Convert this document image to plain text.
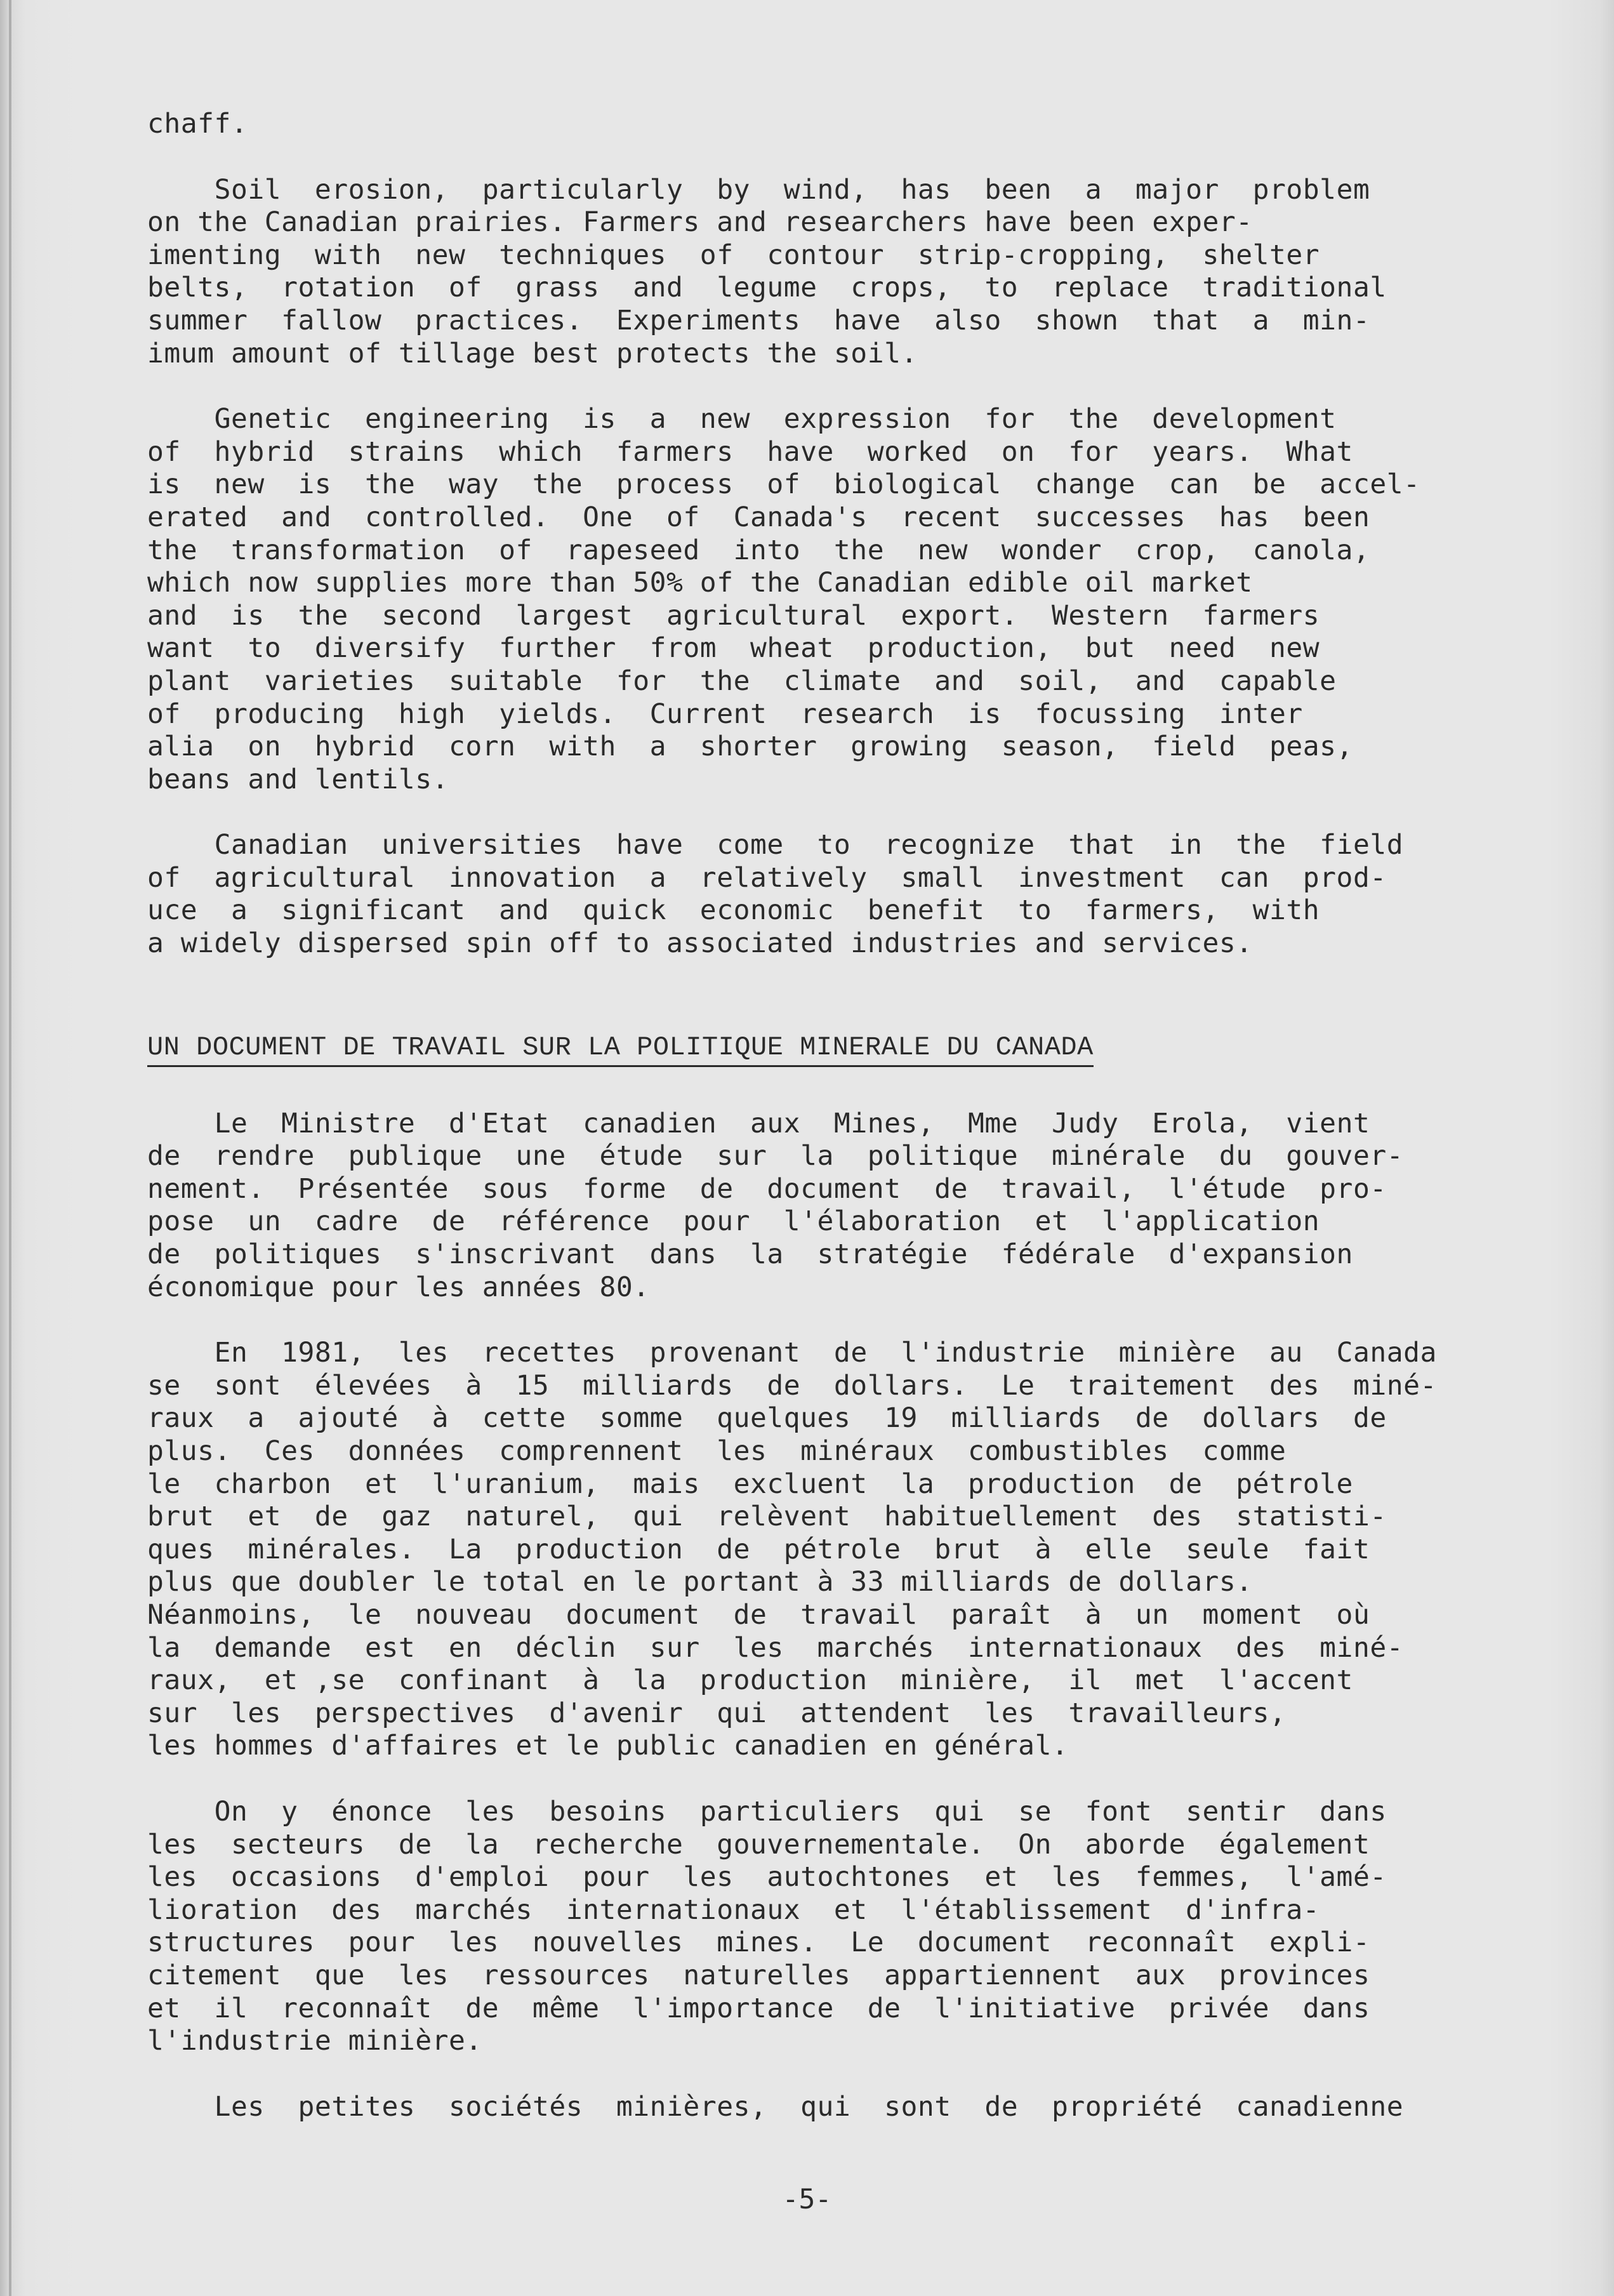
chaff.
Soil  erosion,  particularly  by  wind,  has  been  a  major  problem
on the Canadian prairies. Farmers and researchers have been exper-
imenting  with  new  techniques  of  contour  strip-cropping,  shelter
belts,  rotation  of  grass  and  legume  crops,  to  replace  traditional
summer  fallow  practices.  Experiments  have  also  shown  that  a  min-
imum amount of tillage best protects the soil.
Genetic  engineering  is  a  new  expression  for  the  development
of  hybrid  strains  which  farmers  have  worked  on  for  years.  What
is  new  is  the  way  the  process  of  biological  change  can  be  accel-
erated  and  controlled.  One  of  Canada's  recent  successes  has  been
the  transformation  of  rapeseed  into  the  new  wonder  crop,  canola,
which now supplies more than 50% of the Canadian edible oil market
and  is  the  second  largest  agricultural  export.  Western  farmers
want  to  diversify  further  from  wheat  production,  but  need  new
plant  varieties  suitable  for  the  climate  and  soil,  and  capable
of  producing  high  yields.  Current  research  is  focussing  inter
alia  on  hybrid  corn  with  a  shorter  growing  season,  field  peas,
beans and lentils.
Canadian  universities  have  come  to  recognize  that  in  the  field
of  agricultural  innovation  a  relatively  small  investment  can  prod-
uce  a  significant  and  quick  economic  benefit  to  farmers,  with
a widely dispersed spin off to associated industries and services.
UN DOCUMENT DE TRAVAIL SUR LA POLITIQUE MINERALE DU CANADA
Le  Ministre  d'Etat  canadien  aux  Mines,  Mme  Judy  Erola,  vient
de  rendre  publique  une  étude  sur  la  politique  minérale  du  gouver-
nement.  Présentée  sous  forme  de  document  de  travail,  l'étude  pro-
pose  un  cadre  de  référence  pour  l'élaboration  et  l'application
de  politiques  s'inscrivant  dans  la  stratégie  fédérale  d'expansion
économique pour les années 80.
En  1981,  les  recettes  provenant  de  l'industrie  minière  au  Canada
se  sont  élevées  à  15  milliards  de  dollars.  Le  traitement  des  miné-
raux  a  ajouté  à  cette  somme  quelques  19  milliards  de  dollars  de
plus.  Ces  données  comprennent  les  minéraux  combustibles  comme
le  charbon  et  l'uranium,  mais  excluent  la  production  de  pétrole
brut  et  de  gaz  naturel,  qui  relèvent  habituellement  des  statisti-
ques  minérales.  La  production  de  pétrole  brut  à  elle  seule  fait
plus que doubler le total en le portant à 33 milliards de dollars.
Néanmoins,  le  nouveau  document  de  travail  paraît  à  un  moment  où
la  demande  est  en  déclin  sur  les  marchés  internationaux  des  miné-
raux,  et ,se  confinant  à  la  production  minière,  il  met  l'accent
sur  les  perspectives  d'avenir  qui  attendent  les  travailleurs,
les hommes d'affaires et le public canadien en général.
On  y  énonce  les  besoins  particuliers  qui  se  font  sentir  dans
les  secteurs  de  la  recherche  gouvernementale.  On  aborde  également
les  occasions  d'emploi  pour  les  autochtones  et  les  femmes,  l'amé-
lioration  des  marchés  internationaux  et  l'établissement  d'infra-
structures  pour  les  nouvelles  mines.  Le  document  reconnaît  expli-
citement  que  les  ressources  naturelles  appartiennent  aux  provinces
et  il  reconnaît  de  même  l'importance  de  l'initiative  privée  dans
l'industrie minière.
Les  petites  sociétés  minières,  qui  sont  de  propriété  canadienne
-5-
